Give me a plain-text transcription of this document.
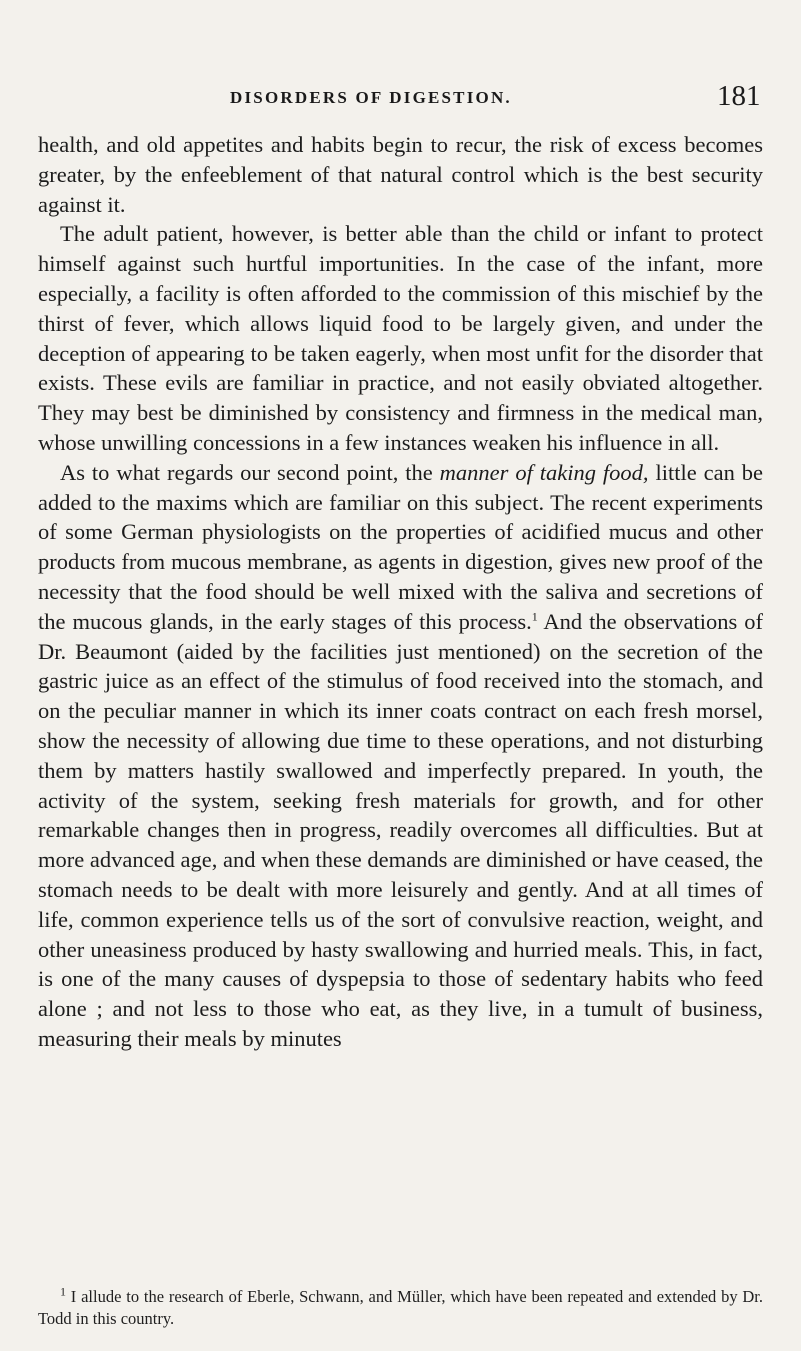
DISORDERS OF DIGESTION.	181

health, and old appetites and habits begin to recur, the risk of excess becomes greater, by the enfeeblement of that natural control which is the best security against it.

The adult patient, however, is better able than the child or infant to protect himself against such hurtful importunities. In the case of the infant, more especially, a facility is often afforded to the commission of this mischief by the thirst of fever, which allows liquid food to be largely given, and under the deception of appearing to be taken eagerly, when most unfit for the disorder that exists. These evils are familiar in practice, and not easily obviated altogether. They may best be diminished by consistency and firmness in the medical man, whose unwilling concessions in a few instances weaken his influence in all.

As to what regards our second point, the manner of taking food, little can be added to the maxims which are familiar on this subject. The recent experiments of some German physiologists on the properties of acidified mucus and other products from mucous membrane, as agents in digestion, gives new proof of the necessity that the food should be well mixed with the saliva and secretions of the mucous glands, in the early stages of this process.$^1$ And the observations of Dr. Beaumont (aided by the facilities just mentioned) on the secretion of the gastric juice as an effect of the stimulus of food received into the stomach, and on the peculiar manner in which its inner coats contract on each fresh morsel, show the necessity of allowing due time to these operations, and not disturbing them by matters hastily swallowed and imperfectly prepared. In youth, the activity of the system, seeking fresh materials for growth, and for other remarkable changes then in progress, readily overcomes all difficulties. But at more advanced age, and when these demands are diminished or have ceased, the stomach needs to be dealt with more leisurely and gently. And at all times of life, common experience tells us of the sort of convulsive reaction, weight, and other uneasiness produced by hasty swallowing and hurried meals. This, in fact, is one of the many causes of dyspepsia to those of sedentary habits who feed alone ; and not less to those who eat, as they live, in a tumult of business, measuring their meals by minutes

$^1$ I allude to the research of Eberle, Schwann, and Müller, which have been repeated and extended by Dr. Todd in this country.
